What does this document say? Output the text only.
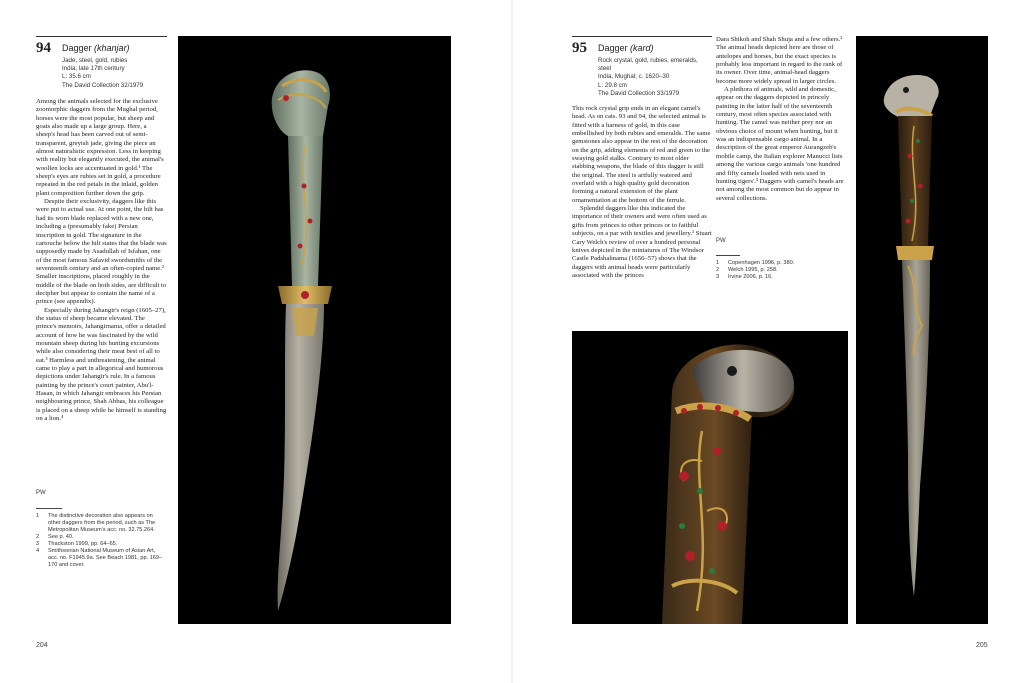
94 Dagger (khanjar)
Jade, steel, gold, rubies
India; late 17th century
L: 35.6 cm
The David Collection 32/1979

Among the animals selected for the exclusive zoomorphic daggers from the Mughal period, horses were the most popular, but sheep and goats also made up a large group. Here, a sheep's head has been carved out of semi-transparent, greyish jade, giving the piece an almost naturalistic expression. Less in keeping with reality but elegantly executed, the animal's woollen locks are accentuated in gold.¹ The sheep's eyes are rubies set in gold, a procedure repeated in the red petals in the inlaid, golden plant composition further down the grip.

Despite their exclusivity, daggers like this were put to actual use. At one point, the hilt has had its worn blade replaced with a new one, including a (presumably fake) Persian inscription in gold. The signature in the cartouche below the hilt states that the blade was supposedly made by Asadullah of Isfahan, one of the most famous Safavid swordsmiths of the seventeenth century and an often-copied name.² Smaller inscriptions, placed roughly in the middle of the blade on both sides, are difficult to decipher but appear to contain the name of a prince (see appendix).

Especially during Jahangir's reign (1605–27), the status of sheep became elevated. The prince's memoirs, Jahangirnama, offer a detailed account of how he was fascinated by the wild mountain sheep during his hunting excursions while also considering their meat best of all to eat.³ Harmless and unthreatening, the animal came to play a part in allegorical and humorous depictions under Jahangir's rule. In a famous painting by the prince's court painter, Abu'l-Hasan, in which Jahangir embraces his Persian neighbouring prince, Shah Abbas, his colleague is placed on a sheep while he himself is standing on a lion.⁴

PW
1	The distinctive decoration also appears on other daggers from the period, such as The Metropolitan Museum's acc. no. 32.75.264.
2	See p. 40.
3	Thackston 1999, pp. 64–65.
4	Smithsonian National Museum of Asian Art, acc. no. F1945.9a. See Beach 1981, pp. 169–170 and cover.
204
95 Dagger (kard)
Rock crystal, gold, rubies, emeralds,
steel
India, Mughal; c. 1620–30
L: 29.8 cm
The David Collection 33/1979

This rock crystal grip ends in an elegant camel's head. As on cats. 93 and 94, the selected animal is fitted with a harness of gold, in this case embellished by both rubies and emeralds. The same gemstones also appear in the rest of the decoration on the grip, adding elements of red and green to the swaying gold stalks. Contrary to most older stabbing weapons, the blade of this dagger is still the original. The steel is artfully watered and overlaid with a high quality gold decoration forming a natural extension of the plant ornamentation at the bottom of the ferrule.

Splendid daggers like this indicated the importance of their owners and were often used as gifts from princes to other princes or to faithful subjects, on a par with textiles and jewellery.¹ Stuart Cary Welch's review of over a hundred personal knives depicted in the miniatures of The Windsor Castle Padshahnama (1656–57) shows that the daggers with animal heads were particularly associated with the princes

Dara Shikoh and Shah Shuja and a few others.² The animal heads depicted here are those of antelopes and horses, but the exact species is probably less important in regard to the rank of its owner. Over time, animal-head daggers become more widely spread in larger circles.

A plethora of animals, wild and domestic, appear on the daggers depicted in princely painting in the latter half of the seventeenth century, most often species associated with hunting. The camel was neither prey nor an obvious choice of mount when hunting, but it was an indispensable cargo animal. In a description of the great emperor Aurangzeb's mobile camp, the Italian explorer Manucci lists among the various cargo animals 'one hundred and fifty camels loaded with nets used in hunting tigers'.³ Daggers with camel's heads are not among the most common but do appear in several collections.

PW
1	Copenhagen 1996, p. 380.
2	Welch 1995, p. 258.
3	Irvine 2006, p. 16.
205
